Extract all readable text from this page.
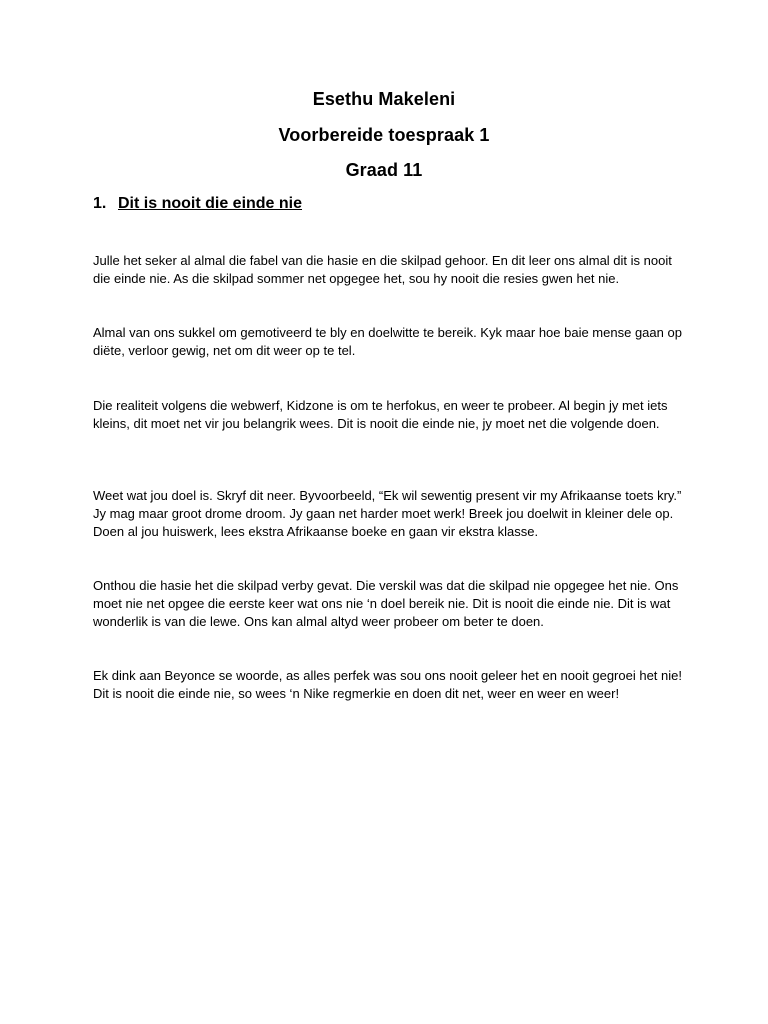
Esethu Makeleni
Voorbereide toespraak 1
Graad 11
1. Dit is nooit die einde nie

Julle het seker al almal die fabel van die hasie en die skilpad gehoor. En dit leer ons almal dit is nooit die einde nie. As die skilpad sommer net opgegee het, sou hy nooit die resies gwen het nie.

Almal van ons sukkel om gemotiveerd te bly en doelwitte te bereik. Kyk maar hoe baie mense gaan op diëte, verloor gewig, net om dit weer op te tel.

Die realiteit volgens die webwerf, Kidzone is om te herfokus, en weer te probeer. Al begin jy met iets kleins, dit moet net vir jou belangrik wees. Dit is nooit die einde nie, jy moet net die volgende doen.

Weet wat jou doel is. Skryf dit neer. Byvoorbeeld, “Ek wil sewentig present vir my Afrikaanse toets kry.” Jy mag maar groot drome droom. Jy gaan net harder moet werk! Breek jou doelwit in kleiner dele op. Doen al jou huiswerk, lees ekstra Afrikaanse boeke en gaan vir ekstra klasse.

Onthou die hasie het die skilpad verby gevat. Die verskil was dat die skilpad nie opgegee het nie. Ons moet nie net opgee die eerste keer wat ons nie ‘n doel bereik nie. Dit is nooit die einde nie. Dit is wat wonderlik is van die lewe. Ons kan almal altyd weer probeer om beter te doen.

Ek dink aan Beyonce se woorde, as alles perfek was sou ons nooit geleer het en nooit gegroei het nie! Dit is nooit die einde nie, so wees ‘n Nike regmerkie en doen dit net, weer en weer en weer!
